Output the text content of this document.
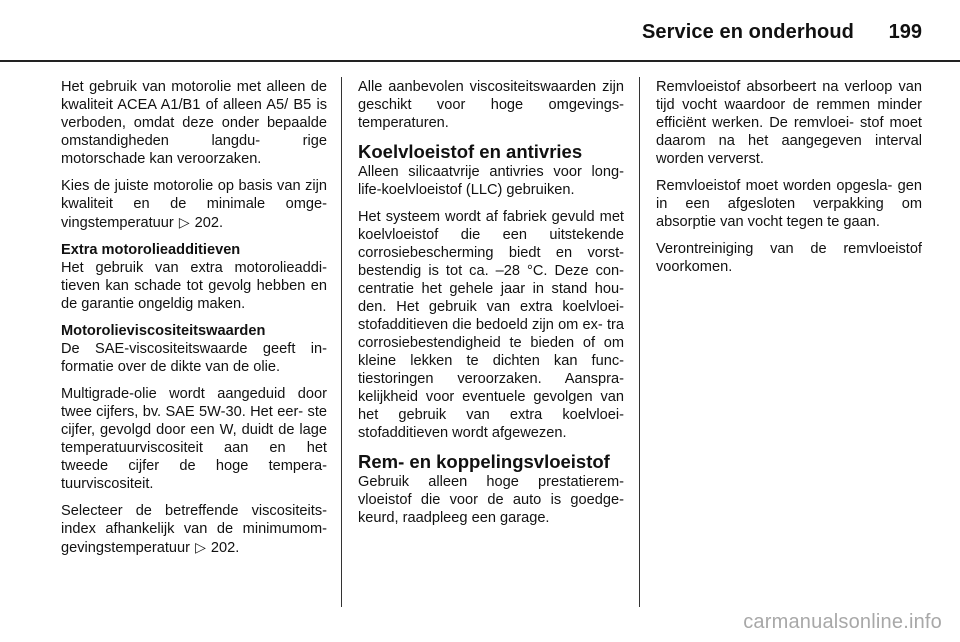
Service en onderhoud 199

Het gebruik van motorolie met alleen de kwaliteit ACEA A1/B1 of alleen A5/ B5 is verboden, omdat deze onder bepaalde omstandigheden langdu- rige motorschade kan veroorzaken.

Kies de juiste motorolie op basis van zijn kwaliteit en de minimale omge- vingstemperatuur ▷ 202.

Extra motorolieadditieven

Het gebruik van extra motorolieaddi- tieven kan schade tot gevolg hebben en de garantie ongeldig maken.

Motorolieviscositeitswaarden

De SAE-viscositeitswaarde geeft in- formatie over de dikte van de olie.

Multigrade-olie wordt aangeduid door twee cijfers, bv. SAE 5W-30. Het eer- ste cijfer, gevolgd door een W, duidt de lage temperatuurviscositeit aan en het tweede cijfer de hoge tempera- tuurviscositeit.

Selecteer de betreffende viscositeits- index afhankelijk van de minimumom- gevingstemperatuur ▷ 202.

Alle aanbevolen viscositeitswaarden zijn geschikt voor hoge omgevings- temperaturen.

Koelvloeistof en antivries

Alleen silicaatvrije antivries voor long- life-koelvloeistof (LLC) gebruiken.

Het systeem wordt af fabriek gevuld met koelvloeistof die een uitstekende corrosiebescherming biedt en vorst- bestendig is tot ca. –28 °C. Deze con- centratie het gehele jaar in stand hou- den. Het gebruik van extra koelvloei- stofadditieven die bedoeld zijn om ex- tra corrosiebestendigheid te bieden of om kleine lekken te dichten kan func- tiestoringen veroorzaken. Aanspra- kelijkheid voor eventuele gevolgen van het gebruik van extra koelvloei- stofadditieven wordt afgewezen.

Rem- en koppelingsvloeistof

Gebruik alleen hoge prestatierem- vloeistof die voor de auto is goedge- keurd, raadpleeg een garage.

Remvloeistof absorbeert na verloop van tijd vocht waardoor de remmen minder efficiënt werken. De remvloei- stof moet daarom na het aangegeven interval worden ververst.

Remvloeistof moet worden opgesla- gen in een afgesloten verpakking om absorptie van vocht tegen te gaan.

Verontreiniging van de remvloeistof voorkomen.

carmanualsonline.info
